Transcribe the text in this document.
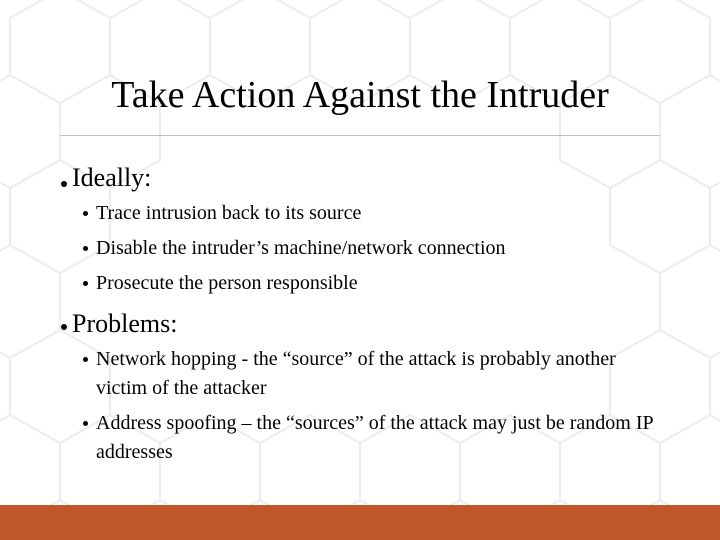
Take Action Against the Intruder
Ideally:
Trace intrusion back to its source
Disable the intruder’s machine/network connection
Prosecute the person responsible
Problems:
Network hopping - the “source” of the attack is probably another victim of the attacker
Address spoofing – the “sources” of the attack may just be random IP addresses
